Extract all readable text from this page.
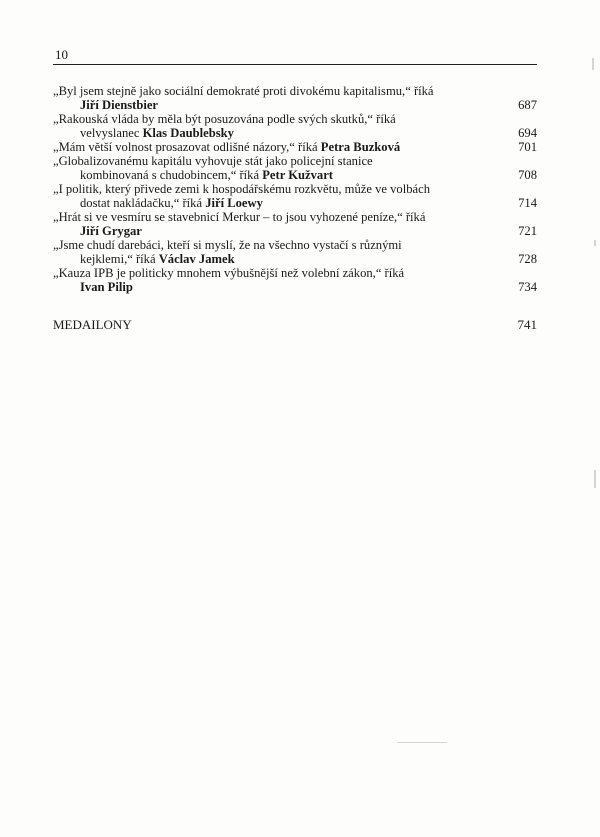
10
„Byl jsem stejně jako sociální demokraté proti divokému kapitalismu,“ říká
Jiří Dienstbier	687
„Rakouská vláda by měla být posuzována podle svých skutků,“ říká
velvyslanec Klas Daublebsky	694
„Mám větší volnost prosazovat odlišné názory,“ říká Petra Buzková	701
„Globalizovanému kapitálu vyhovuje stát jako policejní stanice
kombinovaná s chudobincem,“ říká Petr Kužvart	708
„I politik, který přivede zemi k hospodářskému rozkvětu, může ve volbách
dostat nakládačku,“ říká Jiří Loewy	714
„Hrát si ve vesmíru se stavebnicí Merkur – to jsou vyhozené peníze,“ říká
Jiří Grygar	721
„Jsme chudí darebáci, kteří si myslí, že na všechno vystačí s různými
kejklemi,“ říká Václav Jamek	728
„Kauza IPB je politicky mnohem výbušnější než volební zákon,“ říká
Ivan Pilip	734
MEDAILONY	741
